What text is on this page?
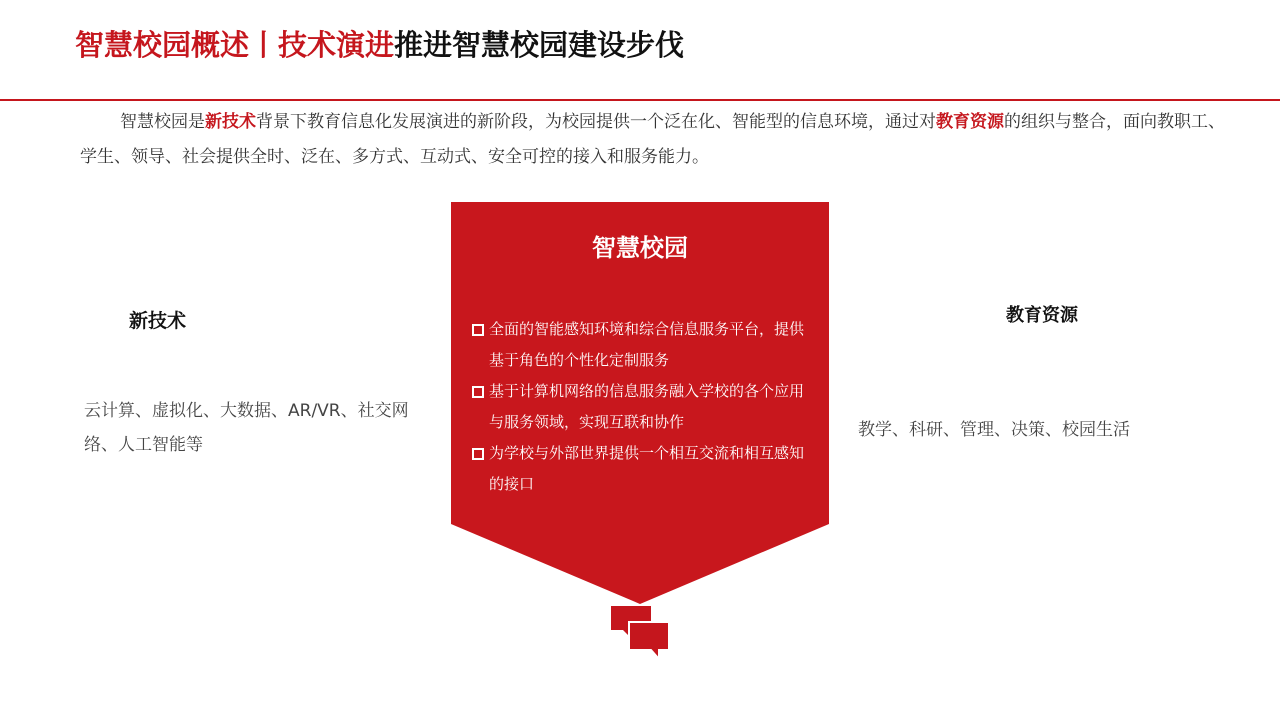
智慧校园概述丨技术演进推进智慧校园建设步伐
智慧校园是新技术背景下教育信息化发展演进的新阶段，为校园提供一个泛在化、智能型的信息环境，通过对教育资源的组织与整合，面向教职工、学生、领导、社会提供全时、泛在、多方式、互动式、安全可控的接入和服务能力。
新技术
云计算、虚拟化、大数据、AR/VR、社交网络、人工智能等
智慧校园
全面的智能感知环境和综合信息服务平台，提供基于角色的个性化定制服务
基于计算机网络的信息服务融入学校的各个应用与服务领域，实现互联和协作
为学校与外部世界提供一个相互交流和相互感知的接口
教育资源
教学、科研、管理、决策、校园生活
